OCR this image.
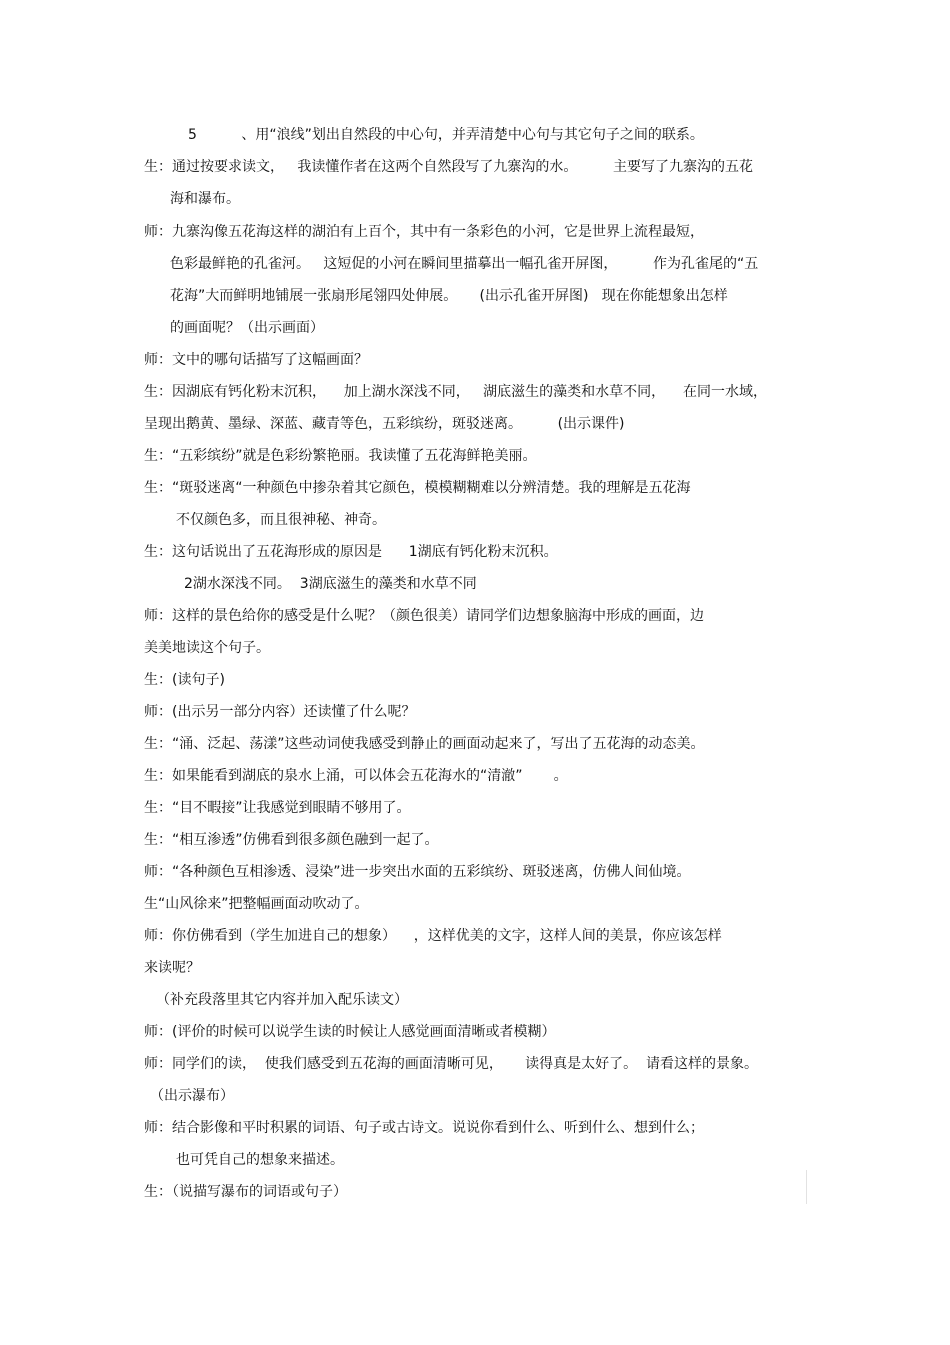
5          、用“浪线”划出自然段的中心句，并弄清楚中心句与其它句子之间的联系。
生：通过按要求读文，   我读懂作者在这两个自然段写了九寨沟的水。        主要写了九寨沟的五花
海和瀑布。
师：九寨沟像五花海这样的湖泊有上百个，其中有一条彩色的小河，它是世界上流程最短，
色彩最鲜艳的孔雀河。   这短促的小河在瞬间里描摹出一幅孔雀开屏图，        作为孔雀尾的“五
花海”大而鲜明地铺展一张扇形尾翎四处伸展。     (出示孔雀开屏图)   现在你能想象出怎样
的画面呢？（出示画面）
师：文中的哪句话描写了这幅画面？
生：因湖底有钙化粉末沉积，    加上湖水深浅不同，   湖底滋生的藻类和水草不同，    在同一水域，
呈现出鹅黄、墨绿、深蓝、藏青等色，五彩缤纷，斑驳迷离。        (出示课件)
生：“五彩缤纷”就是色彩纷繁艳丽。我读懂了五花海鲜艳美丽。
生：“斑驳迷离“一种颜色中掺杂着其它颜色，模模糊糊难以分辨清楚。我的理解是五花海
不仅颜色多，而且很神秘、神奇。
生：这句话说出了五花海形成的原因是      1湖底有钙化粉末沉积。
2湖水深浅不同。  3湖底滋生的藻类和水草不同
师：这样的景色给你的感受是什么呢？（颜色很美）请同学们边想象脑海中形成的画面，边
美美地读这个句子。
生：(读句子)
师：(出示另一部分内容）还读懂了什么呢？
生：“涌、泛起、荡漾”这些动词使我感受到静止的画面动起来了，写出了五花海的动态美。
生：如果能看到湖底的泉水上涌，可以体会五花海水的“清澈”       。
生：“目不暇接”让我感觉到眼睛不够用了。
生：“相互渗透”仿佛看到很多颜色融到一起了。
师：“各种颜色互相渗透、浸染”进一步突出水面的五彩缤纷、斑驳迷离，仿佛人间仙境。
生“山风徐来”把整幅画面动吹动了。
师：你仿佛看到（学生加进自己的想象）    ，这样优美的文字，这样人间的美景，你应该怎样
来读呢？
（补充段落里其它内容并加入配乐读文）
师：(评价的时候可以说学生读的时候让人感觉画面清晰或者模糊）
师：同学们的读，  使我们感受到五花海的画面清晰可见，     读得真是太好了。  请看这样的景象。
（出示瀑布）
师：结合影像和平时积累的词语、句子或古诗文。说说你看到什么、听到什么、想到什么；
也可凭自己的想象来描述。
生：（说描写瀑布的词语或句子）
